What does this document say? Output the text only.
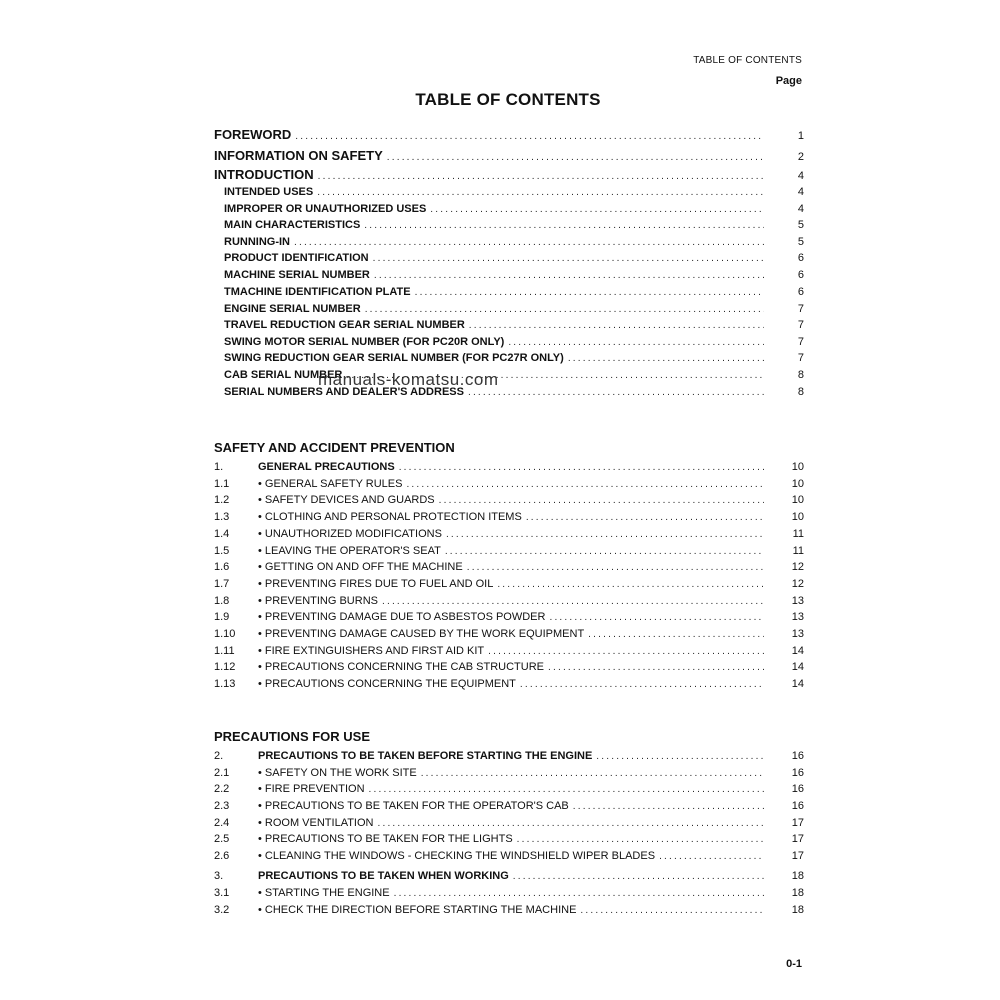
TABLE OF CONTENTS
Page
TABLE OF CONTENTS
FOREWORD .....	1
INFORMATION ON SAFETY .....	2
INTRODUCTION .....	4
INTENDED USES .....	4
IMPROPER OR UNAUTHORIZED USES .....	4
MAIN CHARACTERISTICS .....	5
RUNNING-IN .....	5
PRODUCT IDENTIFICATION .....	6
MACHINE SERIAL NUMBER .....	6
TMACHINE IDENTIFICATION PLATE .....	6
ENGINE SERIAL NUMBER .....	7
TRAVEL REDUCTION GEAR SERIAL NUMBER .....	7
SWING MOTOR SERIAL NUMBER (FOR PC20R ONLY) .....	7
SWING REDUCTION GEAR SERIAL NUMBER (FOR PC27R ONLY) .....	7
CAB SERIAL NUMBER .....	8
SERIAL NUMBERS AND DEALER'S ADDRESS .....	8
manuals-komatsu.com
SAFETY AND ACCIDENT PREVENTION
1.	GENERAL PRECAUTIONS .....	10
1.1	• GENERAL SAFETY RULES .....	10
1.2	• SAFETY DEVICES AND GUARDS .....	10
1.3	• CLOTHING AND PERSONAL PROTECTION ITEMS .....	10
1.4	• UNAUTHORIZED MODIFICATIONS .....	11
1.5	• LEAVING THE OPERATOR'S SEAT .....	11
1.6	• GETTING ON AND OFF THE MACHINE .....	12
1.7	• PREVENTING FIRES DUE TO FUEL AND OIL .....	12
1.8	• PREVENTING BURNS .....	13
1.9	• PREVENTING DAMAGE DUE TO ASBESTOS POWDER .....	13
1.10	• PREVENTING DAMAGE CAUSED BY THE WORK EQUIPMENT .....	13
1.11	• FIRE EXTINGUISHERS AND FIRST AID KIT .....	14
1.12	• PRECAUTIONS CONCERNING THE CAB STRUCTURE .....	14
1.13	• PRECAUTIONS CONCERNING THE EQUIPMENT .....	14
PRECAUTIONS FOR USE
2.	PRECAUTIONS TO BE TAKEN BEFORE STARTING THE ENGINE .....	16
2.1	• SAFETY ON THE WORK SITE .....	16
2.2	• FIRE PREVENTION .....	16
2.3	• PRECAUTIONS TO BE TAKEN FOR THE OPERATOR'S CAB .....	16
2.4	• ROOM VENTILATION .....	17
2.5	• PRECAUTIONS TO BE TAKEN FOR THE LIGHTS .....	17
2.6	• CLEANING THE WINDOWS - CHECKING THE WINDSHIELD WIPER BLADES .....	17
3.	PRECAUTIONS TO BE TAKEN WHEN WORKING .....	18
3.1	• STARTING THE ENGINE .....	18
3.2	• CHECK THE DIRECTION BEFORE STARTING THE MACHINE .....	18
0-1
